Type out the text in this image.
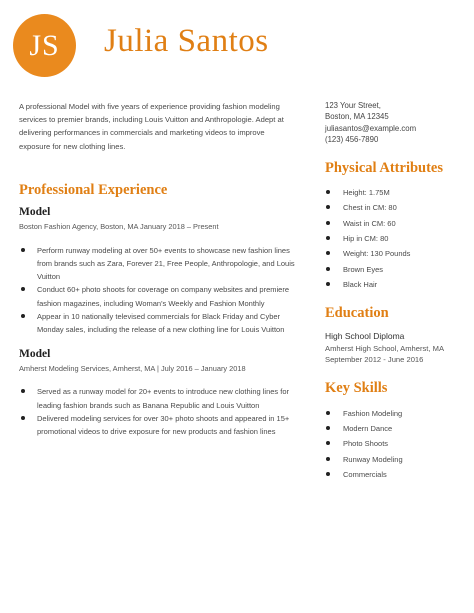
JS Julia Santos

A professional Model with five years of experience providing fashion modeling services to premier brands, including Louis Vuitton and Anthropologie. Adept at delivering performances in commercials and marketing videos to improve exposure for new clothing lines.

Professional Experience
Model

Boston Fashion Agency, Boston, MA January 2018 – Present

Perform runway modeling at over 50+ events to showcase new fashion lines from brands such as Zara, Forever 21, Free People, Anthropologie, and Louis Vuitton
Conduct 60+ photo shoots for coverage on company websites and premiere fashion magazines, including Woman's Weekly and Fashion Monthly
Appear in 10 nationally televised commercials for Black Friday and Cyber Monday sales, including the release of a new clothing line for Louis Vuitton
Model

Amherst Modeling Services, Amherst, MA | July 2016 – January 2018

Served as a runway model for 20+ events to introduce new clothing lines for leading fashion brands such as Banana Republic and Louis Vuitton
Delivered modeling services for over 30+ photo shoots and appeared in 15+ promotional videos to drive exposure for new products and fashion lines
123 Your Street,
Boston, MA 12345
juliasantos@example.com
(123) 456-7890
Physical Attributes
Height: 1.75M
Chest in CM: 80
Waist in CM: 60
Hip in CM: 80
Weight: 130 Pounds
Brown Eyes
Black Hair
Education

High School Diploma

Amherst High School, Amherst, MA

September 2012 - June 2016

Key Skills
Fashion Modeling
Modern Dance
Photo Shoots
Runway Modeling
Commercials
